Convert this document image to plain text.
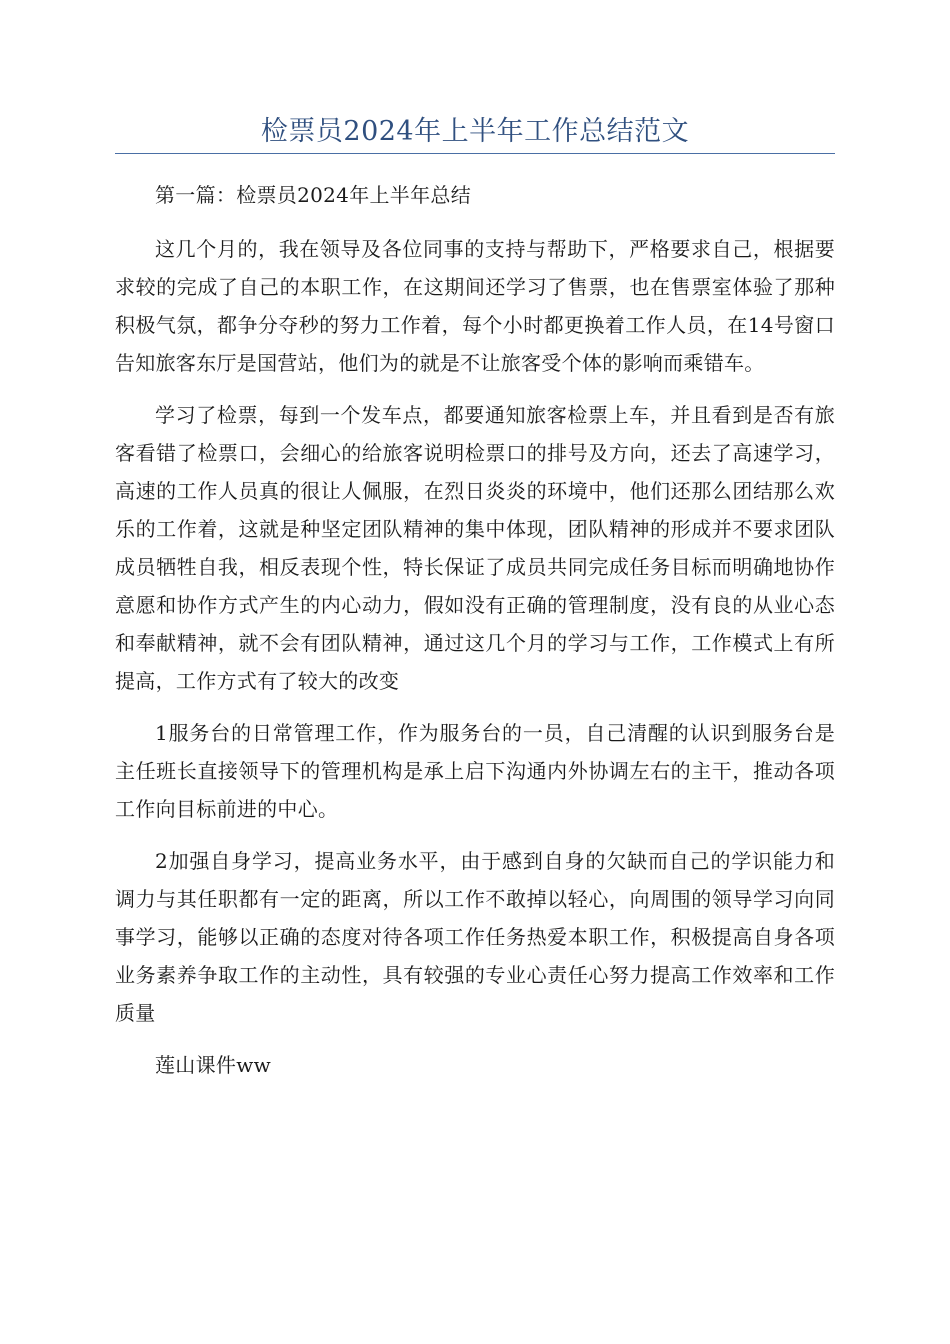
检票员2024年上半年工作总结范文

第一篇：检票员2024年上半年总结

这几个月的，我在领导及各位同事的支持与帮助下，严格要求自己，根据要求较的完成了自己的本职工作，在这期间还学习了售票，也在售票室体验了那种积极气氛，都争分夺秒的努力工作着，每个小时都更换着工作人员，在14号窗口告知旅客东厅是国营站，他们为的就是不让旅客受个体的影响而乘错车。

学习了检票，每到一个发车点，都要通知旅客检票上车，并且看到是否有旅客看错了检票口，会细心的给旅客说明检票口的排号及方向，还去了高速学习，高速的工作人员真的很让人佩服，在烈日炎炎的环境中，他们还那么团结那么欢乐的工作着，这就是种坚定团队精神的集中体现，团队精神的形成并不要求团队成员牺牲自我，相反表现个性，特长保证了成员共同完成任务目标而明确地协作意愿和协作方式产生的内心动力，假如没有正确的管理制度，没有良的从业心态和奉献精神，就不会有团队精神，通过这几个月的学习与工作，工作模式上有所提高，工作方式有了较大的改变

1服务台的日常管理工作，作为服务台的一员，自己清醒的认识到服务台是主任班长直接领导下的管理机构是承上启下沟通内外协调左右的主干，推动各项工作向目标前进的中心。

2加强自身学习，提高业务水平，由于感到自身的欠缺而自己的学识能力和调力与其任职都有一定的距离，所以工作不敢掉以轻心，向周围的领导学习向同事学习，能够以正确的态度对待各项工作任务热爱本职工作，积极提高自身各项业务素养争取工作的主动性，具有较强的专业心责任心努力提高工作效率和工作质量

莲山课件ww
